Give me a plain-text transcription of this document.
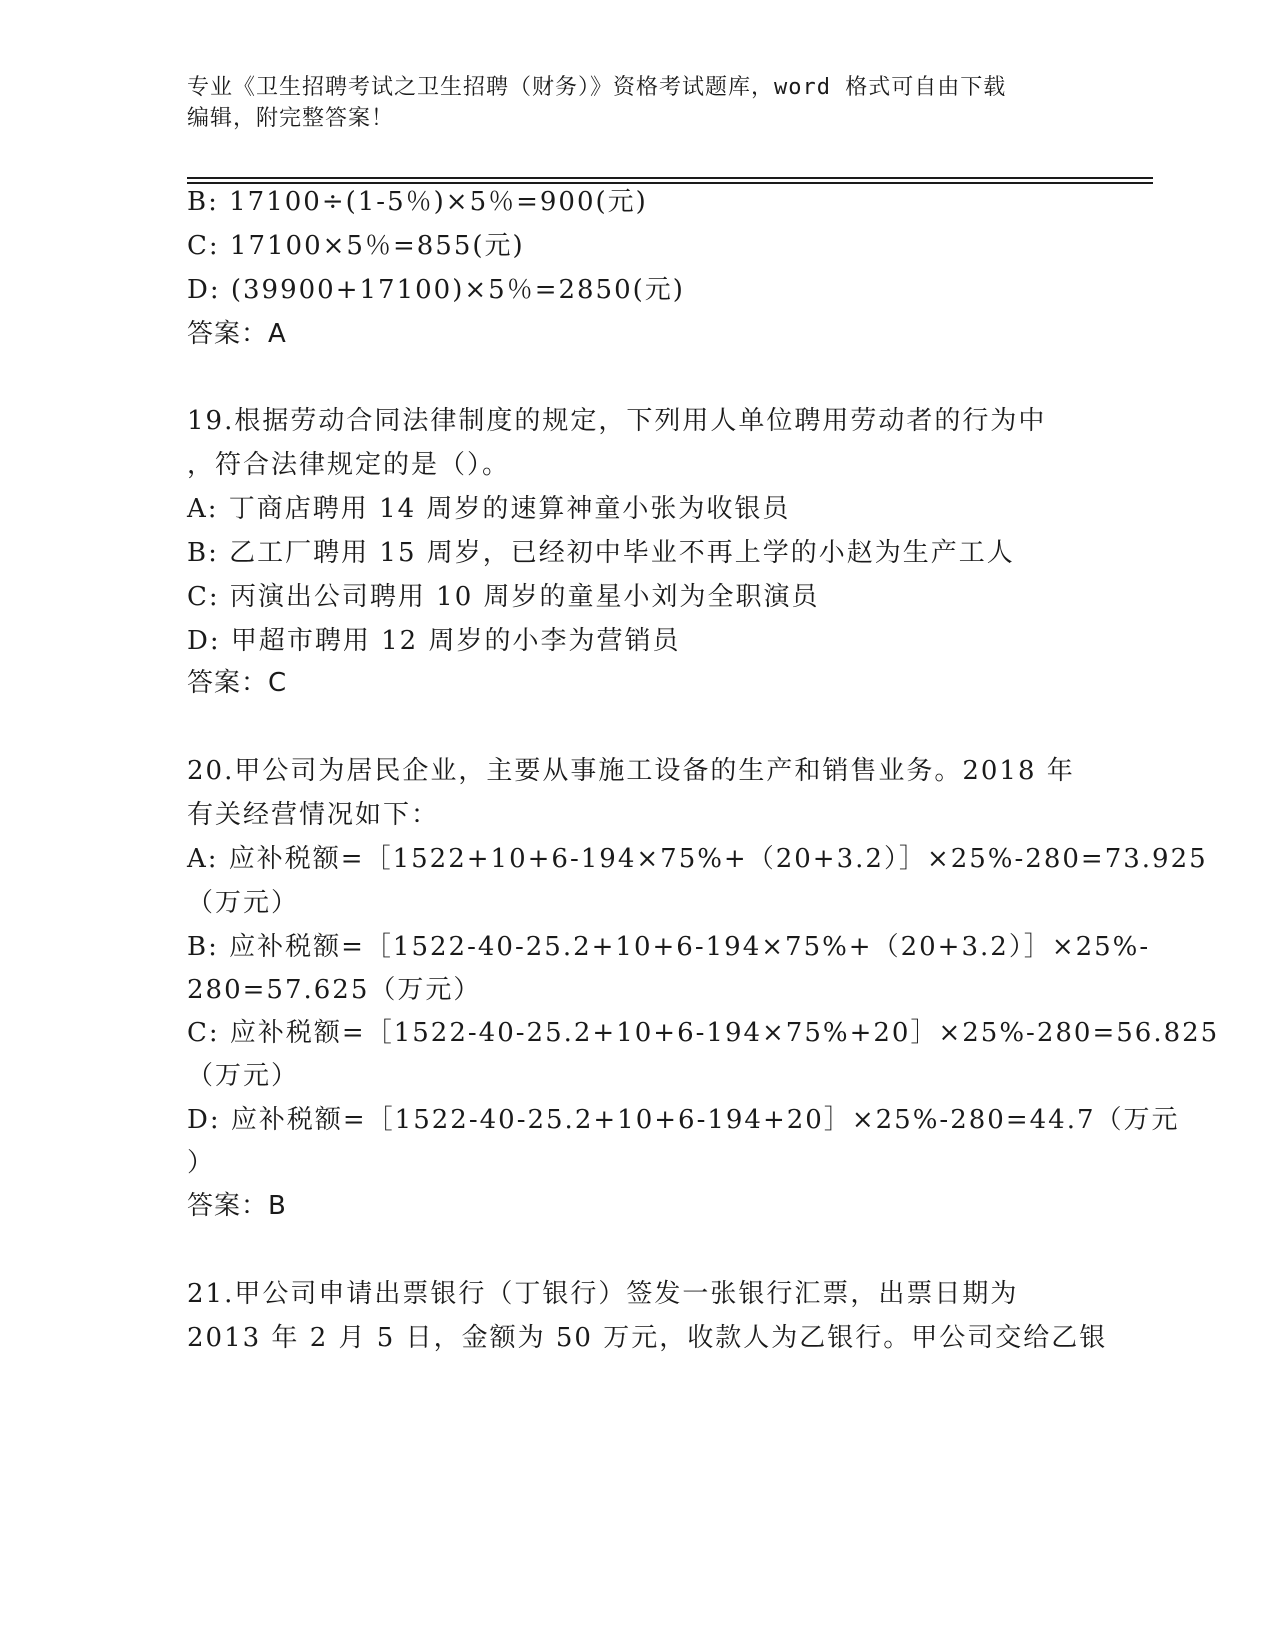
专业《卫生招聘考试之卫生招聘（财务）》资格考试题库，word 格式可自由下载
编辑，附完整答案！
B: 17100÷(1-5％)×5％=900(元)
C: 17100×5％=855(元)
D: (39900+17100)×5％=2850(元)
答案：A
19.根据劳动合同法律制度的规定，下列用人单位聘用劳动者的行为中
，符合法律规定的是（）。
A: 丁商店聘用 14 周岁的速算神童小张为收银员
B: 乙工厂聘用 15 周岁，已经初中毕业不再上学的小赵为生产工人
C: 丙演出公司聘用 10 周岁的童星小刘为全职演员
D: 甲超市聘用 12 周岁的小李为营销员
答案：C
20.甲公司为居民企业，主要从事施工设备的生产和销售业务。2018 年
有关经营情况如下：
A: 应补税额=［1522+10+6-194×75%+（20+3.2）］×25%-280=73.925
（万元）
B: 应补税额=［1522-40-25.2+10+6-194×75%+（20+3.2）］×25%-
280=57.625（万元）
C: 应补税额=［1522-40-25.2+10+6-194×75%+20］×25%-280=56.825
（万元）
D: 应补税额=［1522-40-25.2+10+6-194+20］×25%-280=44.7（万元
）
答案：B
21.甲公司申请出票银行（丁银行）签发一张银行汇票，出票日期为
2013 年 2 月 5 日，金额为 50 万元，收款人为乙银行。甲公司交给乙银
